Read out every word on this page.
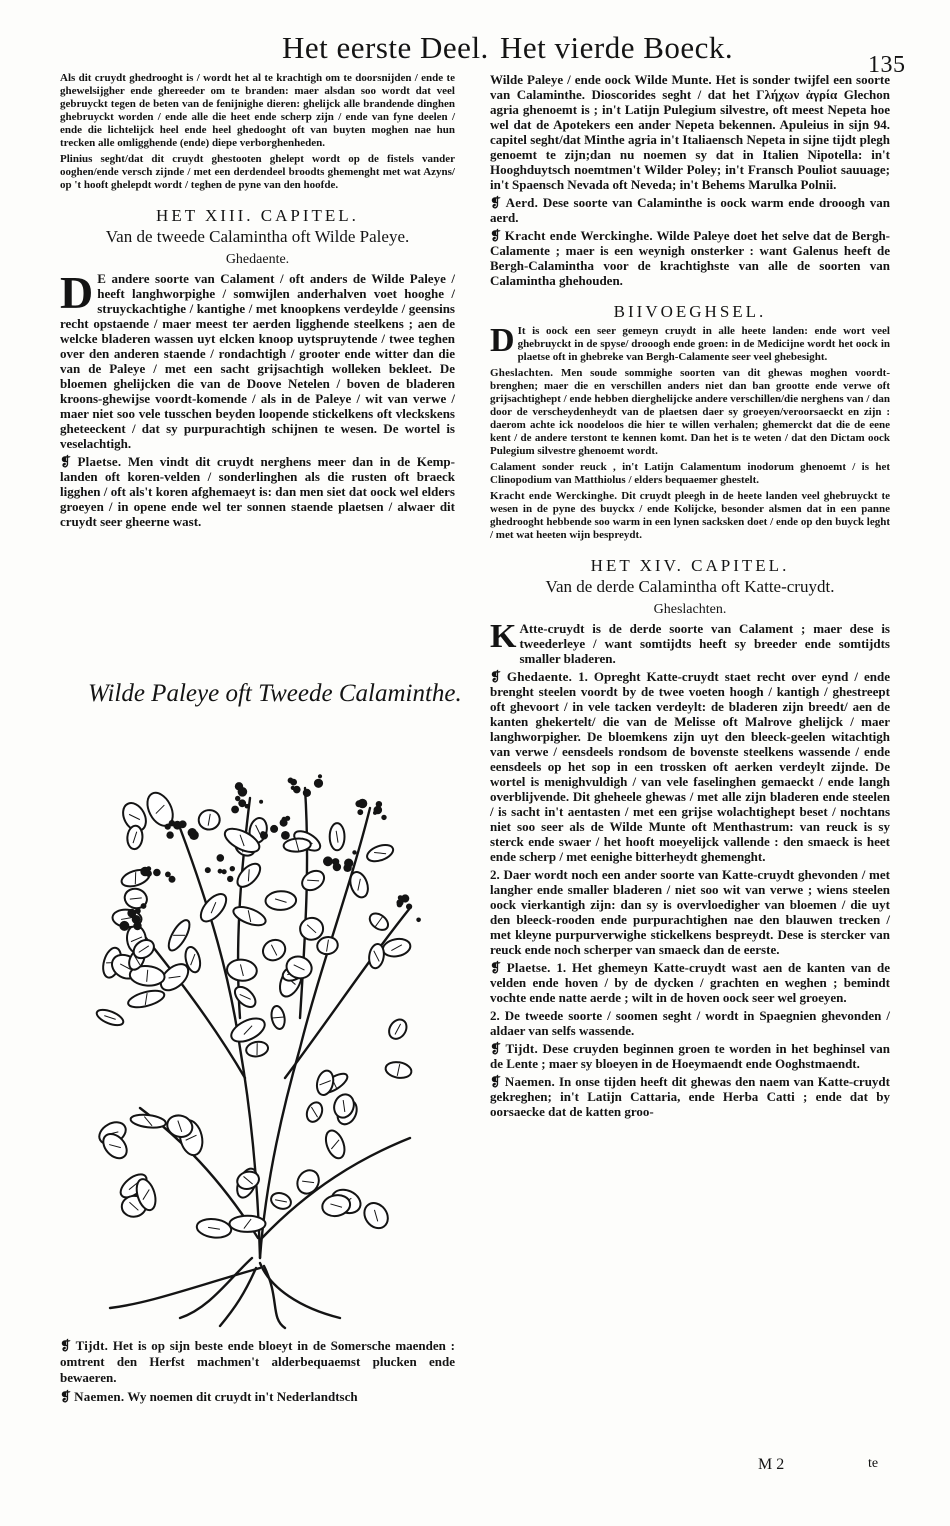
Het eerste Deel. Het vierde Boeck.	135

Als dit cruydt ghedrooght is / wordt het al te krachtigh om te doorsnijden / ende te ghewelsijgher ende ghereeder om te branden: maer alsdan soo wordt dat veel gebruyckt tegen de beten van de fenijnighe dieren: ghelijck alle brandende dinghen ghebruyckt worden / ende alle die heet ende scherp zijn / ende van fyne deelen / ende die lichtelijck heel ende heel ghedooght oft van buyten moghen nae hun trecken alle omligghende (ende) diepe verborghenheden.

Plinius seght/dat dit cruydt ghestooten ghelept wordt op de fistels vander ooghen/ende versch zijnde / met een derdendeel broodts ghemenght met wat Azyns/ op 't hooft ghelepdt wordt / teghen de pyne van den hoofde.

HET XIII. CAPITEL.
Van de tweede Calamintha oft Wilde Paleye.
Ghedaente.

D E andere soorte van Calament / oft anders de Wilde Paleye / heeft langhworpighe / somwijlen anderhalven voet hooghe / struyckachtighe / kantighe / met knoopkens verdeylde / geensins recht opstaende / maer meest ter aerden ligghende steelkens ; aen de welcke bladeren wassen uyt elcken knoop uytspruytende / twee teghen over den anderen staende / rondachtigh / grooter ende witter dan die van de Paleye / met een sacht grijsachtigh wolleken bekleet. De bloemen ghelijcken die van de Doove Netelen / boven de bladeren kroons-ghewijse voordt-komende / als in de Paleye / wit van verwe / maer niet soo vele tusschen beyden loopende stickelkens oft vleckskens gheteeckent / dat sy purpurachtigh schijnen te wesen. De wortel is veselachtigh.

❡ Plaetse. Men vindt dit cruydt nerghens meer dan in de Kemp-landen oft koren-velden / sonderlinghen als die rusten oft braeck ligghen / oft als't koren afghemaeyt is: dan men siet dat oock wel elders groeyen / in opene ende wel ter sonnen staende plaetsen / alwaer dit cruydt seer gheerne wast.

Wilde Paleye oft Tweede Calaminthe.

❡ Tijdt. Het is op sijn beste ende bloeyt in de Somersche maenden : omtrent den Herfst machmen't alderbequaemst plucken ende bewaeren.

❡ Naemen. Wy noemen dit cruydt in't Nederlandtsch

Wilde Paleye / ende oock Wilde Munte. Het is sonder twijfel een soorte van Calaminthe. Dioscorides seght / dat het Γλήχων ἀγρία Glechon agria ghenoemt is ; in't Latijn Pulegium silvestre, oft meest Nepeta hoe wel dat de Apotekers een ander Nepeta bekennen. Apuleius in sijn 94. capitel seght/dat Minthe agria in't Italiaensch Nepeta in sijne tijdt plegh genoemt te zijn;dan nu noemen sy dat in Italien Nipotella: in't Hooghduytsch noemtmen't Wilder Poley; in't Fransch Pouliot sauuage; in't Spaensch Nevada oft Neveda; in't Behems Marulka Polnii.

❡ Aerd. Dese soorte van Calaminthe is oock warm ende drooogh van aerd.

❡ Kracht ende Werckinghe. Wilde Paleye doet het selve dat de Bergh-Calamente ; maer is een weynigh onsterker : want Galenus heeft de Bergh-Calamintha voor de krachtighste van alle de soorten van Calamintha ghehouden.

BIIVOEGHSEL.

D It is oock een seer gemeyn cruydt in alle heete landen: ende wort veel ghebruyckt in de spyse/ drooogh ende groen: in de Medicijne wordt het oock in plaetse oft in ghebreke van Bergh-Calamente seer veel ghebesight.

Gheslachten. Men soude sommighe soorten van dit ghewas moghen voordt-brenghen; maer die en verschillen anders niet dan ban grootte ende verwe oft grijsachtighept / ende hebben dierghelijcke andere verschillen/die nerghens van / dan door de verscheydenheydt van de plaetsen daer sy groeyen/veroorsaeckt en zijn : daerom achte ick noodeloos die hier te willen verhalen; ghemerckt dat die de eene kent / de andere terstont te kennen komt. Dan het is te weten / dat den Dictam oock Pulegium silvestre ghenoemt wordt.

Calament sonder reuck , in't Latijn Calamentum inodorum ghenoemt / is het Clinopodium van Matthiolus / elders bequaemer ghestelt.

Kracht ende Werckinghe. Dit cruydt pleegh in de heete landen veel ghebruyckt te wesen in de pyne des buyckx / ende Kolijcke, besonder alsmen dat in een panne ghedrooght hebbende soo warm in een lynen sacksken doet / ende op den buyck leght / met wat heeten wijn bespreydt.

HET XIV. CAPITEL.
Van de derde Calamintha oft Katte-cruydt.
Gheslachten.

K Atte-cruydt is de derde soorte van Calament ; maer dese is tweederleye / want somtijdts heeft sy breeder ende somtijdts smaller bladeren.

❡ Ghedaente. 1. Opreght Katte-cruydt staet recht over eynd / ende brenght steelen voordt by de twee voeten hoogh / kantigh / ghestreept oft ghevoort / in vele tacken verdeylt: de bladeren zijn breedt/ aen de kanten ghekertelt/ die van de Melisse oft Malrove ghelijck / maer langhworpigher. De bloemkens zijn uyt den bleeck-geelen witachtigh van verwe / eensdeels rondsom de bovenste steelkens wassende / ende eensdeels op het sop in een trossken oft aerken verdeylt zijnde. De wortel is menighvuldigh / van vele faselinghen gemaeckt / ende langh overblijvende. Dit gheheele ghewas / met alle zijn bladeren ende steelen / is sacht in't aentasten / met een grijse wolachtighept beset / nochtans niet soo seer als de Wilde Munte oft Menthastrum: van reuck is sy sterck ende swaer / het hooft moeyelijck vallende : den smaeck is heet ende scherp / met eenighe bitterheydt ghemenght.

2. Daer wordt noch een ander soorte van Katte-cruydt ghevonden / met langher ende smaller bladeren / niet soo wit van verwe ; wiens steelen oock vierkantigh zijn: dan sy is overvloedigher van bloemen / die uyt den bleeck-rooden ende purpurachtighen nae den blauwen trecken / met kleyne purpurverwighe stickelkens bespreydt. Dese is stercker van reuck ende noch scherper van smaeck dan de eerste.

❡ Plaetse. 1. Het ghemeyn Katte-cruydt wast aen de kanten van de velden ende hoven / by de dycken / grachten en weghen ; bemindt vochte ende natte aerde ; wilt in de hoven oock seer wel groeyen.

2. De tweede soorte / soomen seght / wordt in Spaegnien ghevonden / aldaer van selfs wassende.

❡ Tijdt. Dese cruyden beginnen groen te worden in het beghinsel van de Lente ; maer sy bloeyen in de Hoeymaendt ende Ooghstmaendt.

❡ Naemen. In onse tijden heeft dit ghewas den naem van Katte-cruydt gekreghen; in't Latijn Cattaria, ende Herba Catti ; ende dat by oorsaecke dat de katten groo-

M 2	te
